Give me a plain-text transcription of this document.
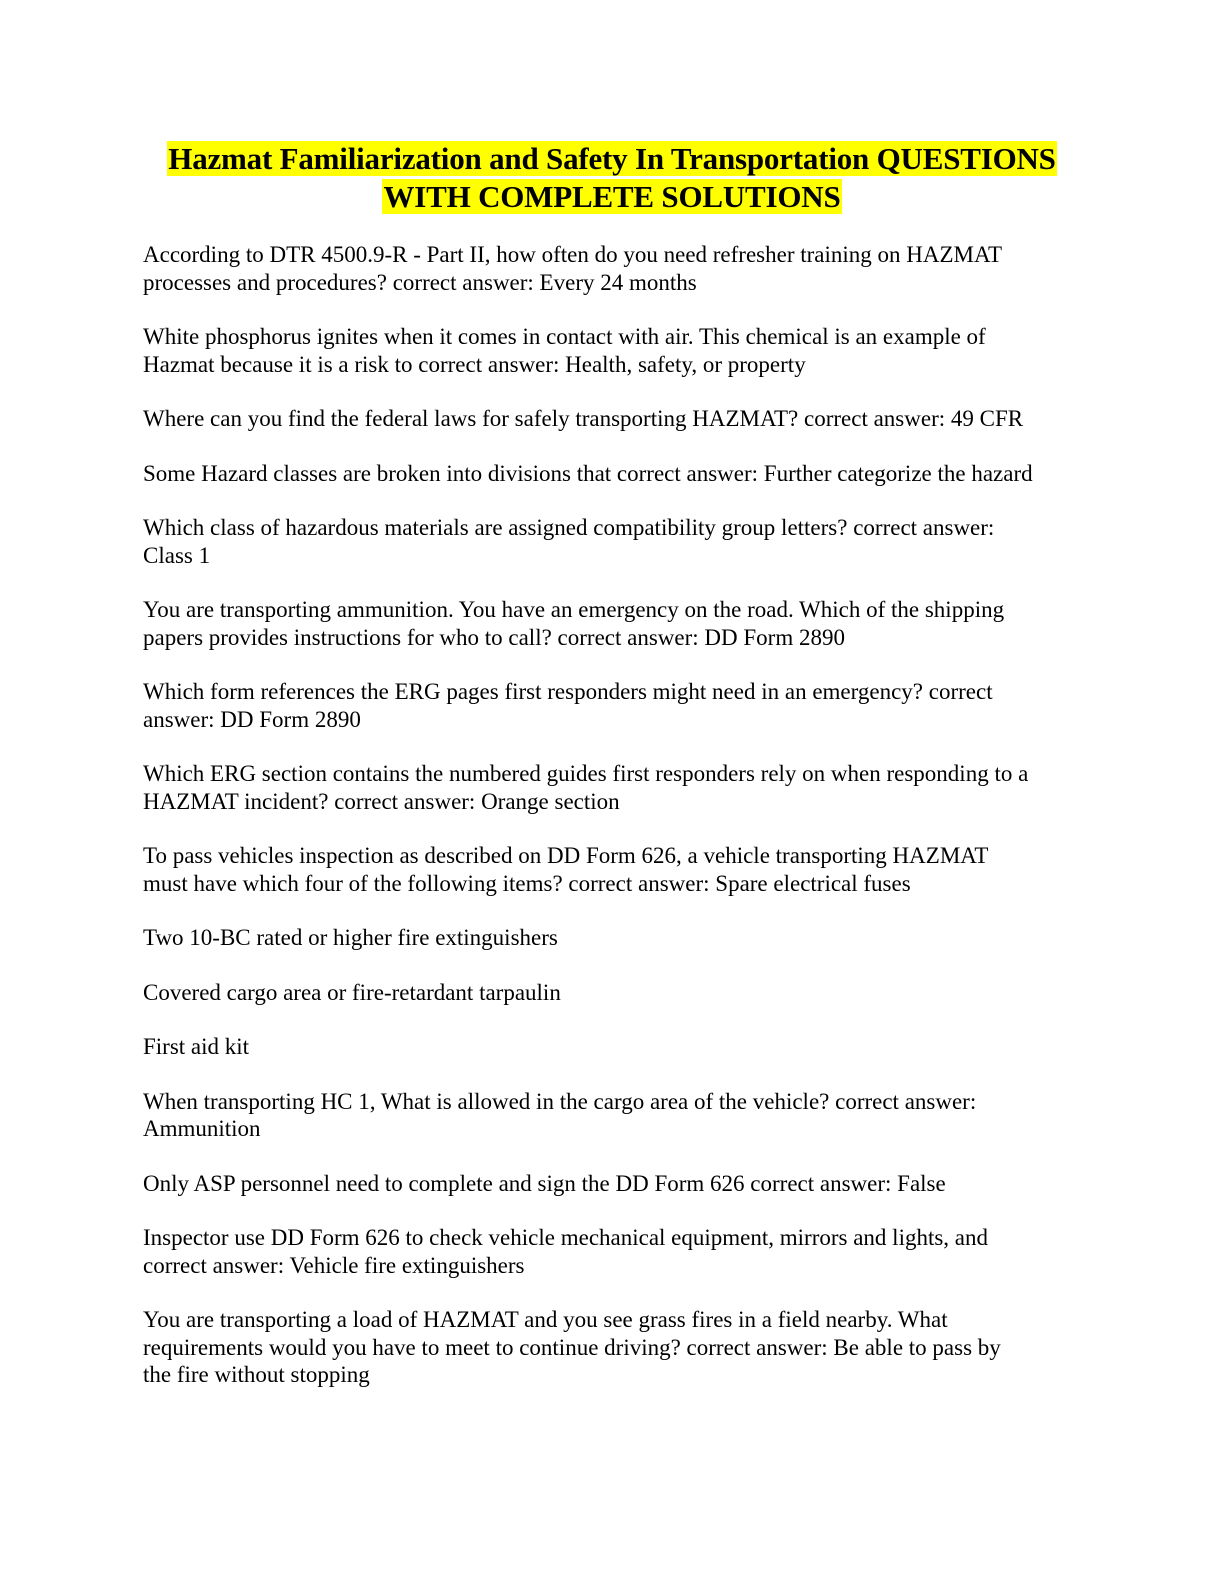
Hazmat Familiarization and Safety In Transportation QUESTIONS
WITH COMPLETE SOLUTIONS
According to DTR 4500.9-R - Part II, how often do you need refresher training on HAZMAT
processes and procedures? correct answer: Every 24 months
White phosphorus ignites when it comes in contact with air. This chemical is an example of
Hazmat because it is a risk to correct answer: Health, safety, or property
Where can you find the federal laws for safely transporting HAZMAT? correct answer: 49 CFR
Some Hazard classes are broken into divisions that correct answer: Further categorize the hazard
Which class of hazardous materials are assigned compatibility group letters? correct answer:
Class 1
You are transporting ammunition. You have an emergency on the road. Which of the shipping
papers provides instructions for who to call? correct answer: DD Form 2890
Which form references the ERG pages first responders might need in an emergency? correct
answer: DD Form 2890
Which ERG section contains the numbered guides first responders rely on when responding to a
HAZMAT incident? correct answer: Orange section
To pass vehicles inspection as described on DD Form 626, a vehicle transporting HAZMAT
must have which four of the following items? correct answer: Spare electrical fuses
Two 10-BC rated or higher fire extinguishers
Covered cargo area or fire-retardant tarpaulin
First aid kit
When transporting HC 1, What is allowed in the cargo area of the vehicle? correct answer:
Ammunition
Only ASP personnel need to complete and sign the DD Form 626 correct answer: False
Inspector use DD Form 626 to check vehicle mechanical equipment, mirrors and lights, and
correct answer: Vehicle fire extinguishers
You are transporting a load of HAZMAT and you see grass fires in a field nearby. What
requirements would you have to meet to continue driving? correct answer: Be able to pass by
the fire without stopping
